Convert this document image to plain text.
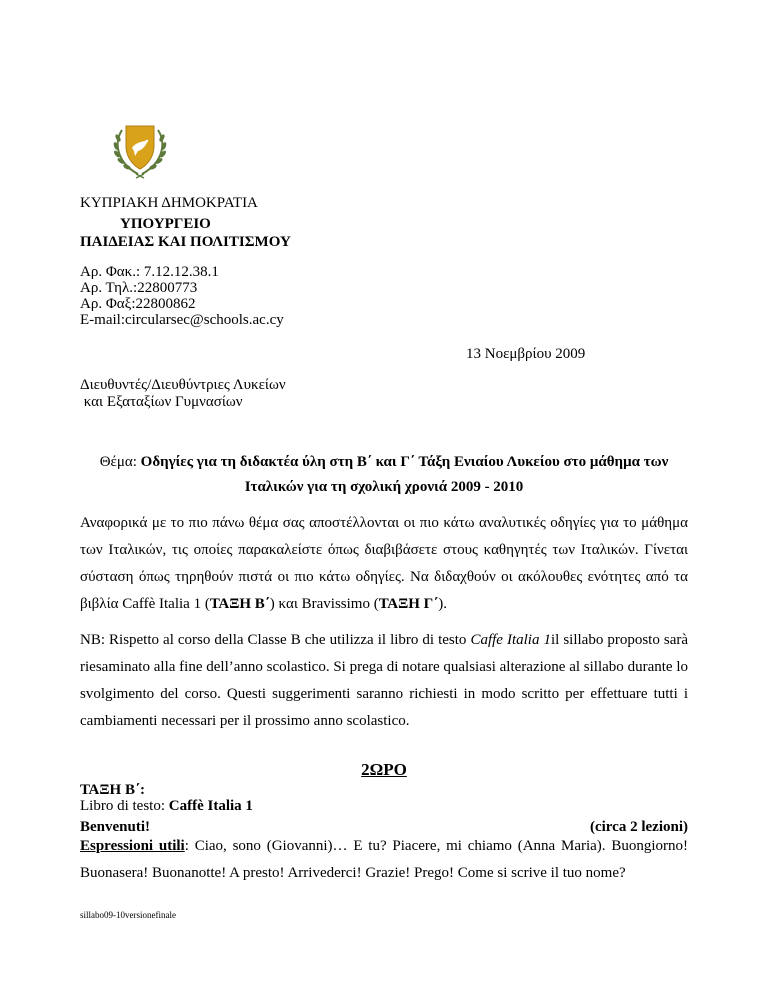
ΚΥΠΡΙΑΚΗ ΔΗΜΟΚΡΑΤΙΑ
ΥΠΟΥΡΓΕΙΟ
ΠΑΙΔΕΙΑΣ ΚΑΙ ΠΟΛΙΤΙΣΜΟΥ
Αρ. Φακ.: 7.12.12.38.1
Αρ. Τηλ.:22800773
Αρ. Φαξ:22800862
E-mail:circularsec@schools.ac.cy
13 Νοεμβρίου 2009
Διευθυντές/Διευθύντριες Λυκείων
και Εξαταξίων Γυμνασίων
Θέμα: Οδηγίες για τη διδακτέα ύλη στη Β΄ και Γ΄ Τάξη Ενιαίου Λυκείου στο μάθημα των
Ιταλικών για τη σχολική χρονιά 2009 - 2010
Αναφορικά με το πιο πάνω θέμα σας αποστέλλονται οι πιο κάτω αναλυτικές οδηγίες για το μάθημα των Ιταλικών, τις οποίες παρακαλείστε όπως διαβιβάσετε στους καθηγητές των Ιταλικών. Γίνεται σύσταση όπως τηρηθούν πιστά οι πιο κάτω οδηγίες. Να διδαχθούν οι ακόλουθες ενότητες από τα βιβλία Caffè Italia 1 (ΤΑΞΗ Β΄) και Bravissimo (ΤΑΞΗ Γ΄).
NB: Rispetto al corso della Classe B che utilizza il libro di testo Caffe Italia 1il sillabo proposto sarà riesaminato alla fine dell’anno scolastico. Si prega di notare qualsiasi alterazione al sillabo durante lo svolgimento del corso. Questi suggerimenti saranno richiesti in modo scritto per effettuare tutti i cambiamenti necessari per il prossimo anno scolastico.
2ΩΡΟ
ΤΑΞΗ Β΄:
Libro di testo: Caffè Italia 1
Benvenuti!	(circa 2 lezioni)
Espressioni utili: Ciao, sono (Giovanni)… E tu? Piacere, mi chiamo (Anna Maria). Buongiorno! Buonasera! Buonanotte! A presto! Arrivederci! Grazie! Prego! Come si scrive il tuo nome?
sillabo09-10versionefinale
